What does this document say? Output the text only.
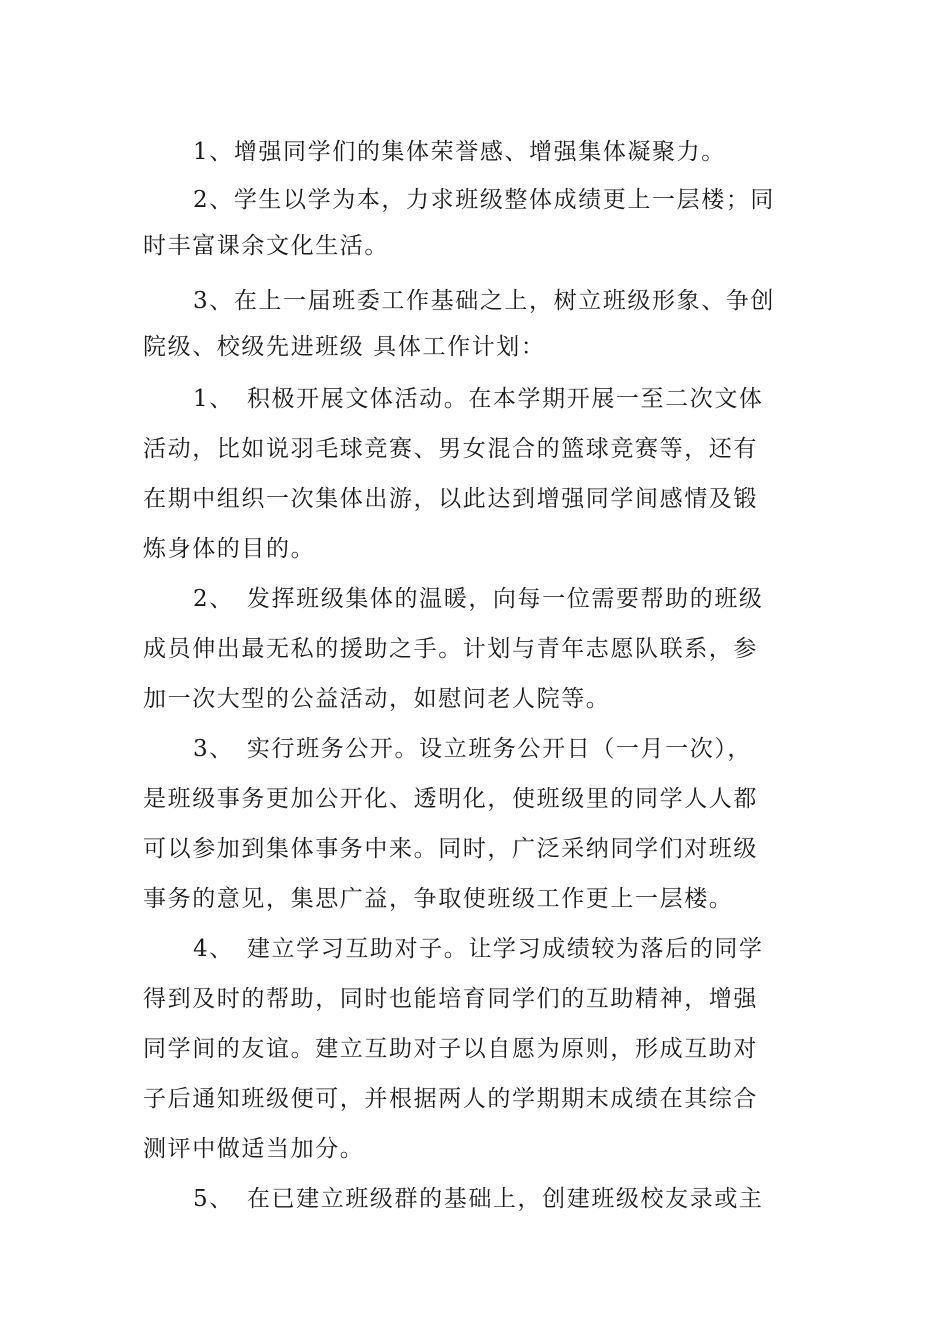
1、增强同学们的集体荣誉感、增强集体凝聚力。
2、学生以学为本，力求班级整体成绩更上一层楼；同
时丰富课余文化生活。
3、在上一届班委工作基础之上，树立班级形象、争创
院级、校级先进班级 具体工作计划：
1、　积极开展文体活动。在本学期开展一至二次文体
活动，比如说羽毛球竞赛、男女混合的篮球竞赛等，还有
在期中组织一次集体出游，以此达到增强同学间感情及锻
炼身体的目的。
2、　发挥班级集体的温暖，向每一位需要帮助的班级
成员伸出最无私的援助之手。计划与青年志愿队联系，参
加一次大型的公益活动，如慰问老人院等。
3、　实行班务公开。设立班务公开日（一月一次），
是班级事务更加公开化、透明化，使班级里的同学人人都
可以参加到集体事务中来。同时，广泛采纳同学们对班级
事务的意见，集思广益，争取使班级工作更上一层楼。
4、　建立学习互助对子。让学习成绩较为落后的同学
得到及时的帮助，同时也能培育同学们的互助精神，增强
同学间的友谊。建立互助对子以自愿为原则，形成互助对
子后通知班级便可，并根据两人的学期期末成绩在其综合
测评中做适当加分。
5、　在已建立班级群的基础上，创建班级校友录或主
